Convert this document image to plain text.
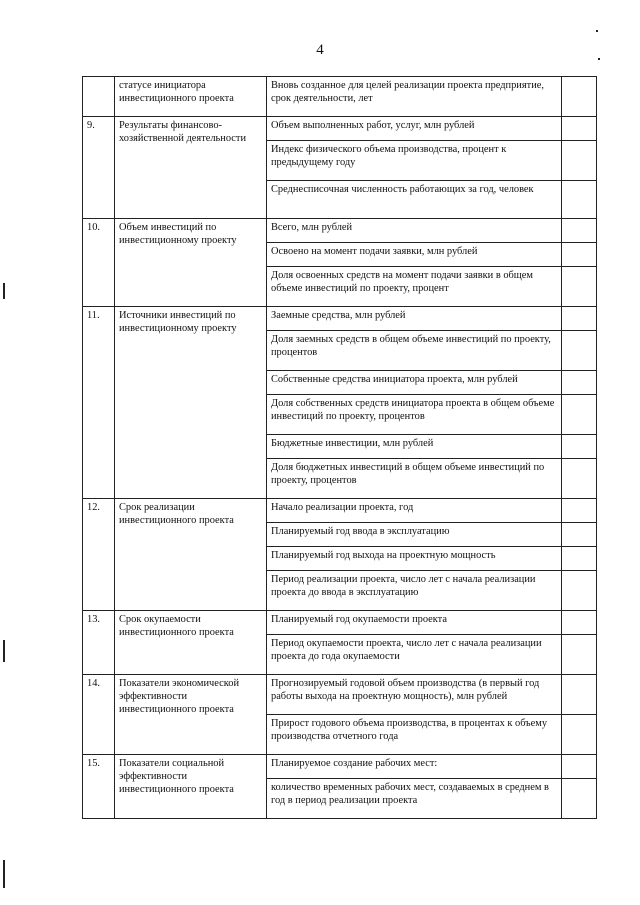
4
	статусе инициатора инвестиционного проекта	Вновь созданное для целей реализации проекта предприятие, срок деятельности, лет	
9.	Результаты финансово-хозяйственной деятельности	Объем выполненных работ, услуг, млн рублей	
		Индекс физического объема производства, процент к предыдущему году	
		Среднесписочная численность работающих за год, человек	
10.	Объем инвестиций по инвестиционному проекту	Всего, млн рублей	
		Освоено на момент подачи заявки, млн рублей	
		Доля освоенных средств на момент подачи заявки в общем объеме инвестиций по проекту, процент	
11.	Источники инвестиций по инвестиционному проекту	Заемные средства, млн рублей	
		Доля заемных средств в общем объеме инвестиций по проекту, процентов	
		Собственные средства инициатора проекта, млн рублей	
		Доля собственных средств инициатора проекта в общем объеме инвестиций по проекту, процентов	
		Бюджетные инвестиции, млн рублей	
		Доля бюджетных инвестиций в общем объеме инвестиций по проекту, процентов	
12.	Срок реализации инвестиционного проекта	Начало реализации проекта, год	
		Планируемый год ввода в эксплуатацию	
		Планируемый год выхода на проектную мощность	
		Период реализации проекта, число лет с начала реализации проекта до ввода в эксплуатацию	
13.	Срок окупаемости инвестиционного проекта	Планируемый год окупаемости проекта	
		Период окупаемости проекта, число лет с начала реализации проекта до года окупаемости	
14.	Показатели экономической эффективности инвестиционного проекта	Прогнозируемый годовой объем производства (в первый год работы выхода на проектную мощность), млн рублей	
		Прирост годового объема производства, в процентах к объему производства отчетного года	
15.	Показатели социальной эффективности инвестиционного проекта	Планируемое создание рабочих мест:	
		количество временных рабочих мест, создаваемых в среднем в год в период реализации проекта	
